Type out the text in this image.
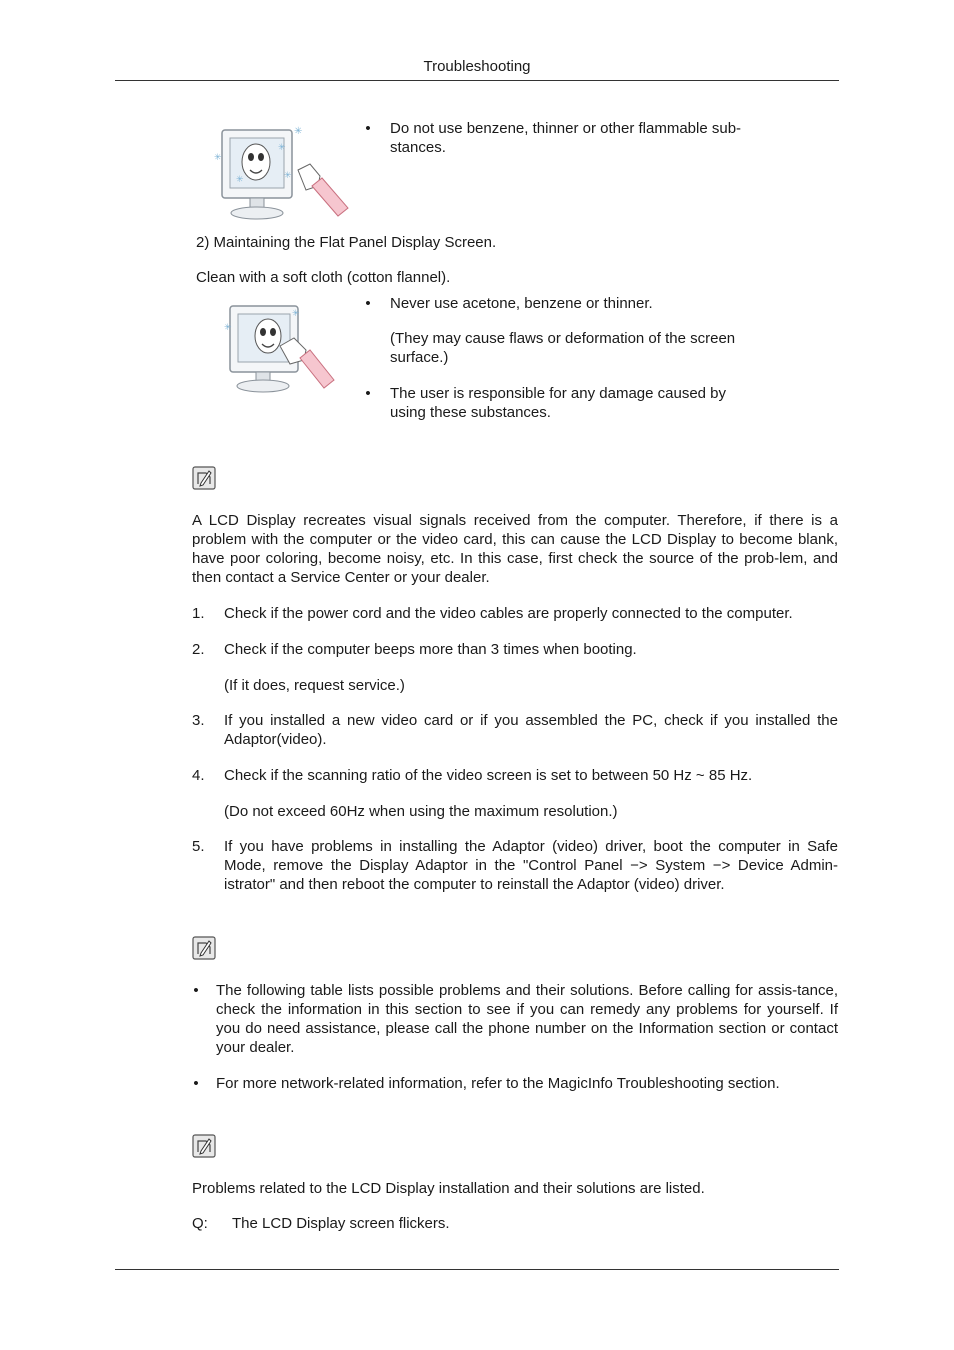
Troubleshooting
✳
✳
✳
✳
✳
• Do not use benzene, thinner or other flammable sub-
stances.
2) Maintaining the Flat Panel Display Screen.
Clean with a soft cloth (cotton flannel).
✳
✳
• Never use acetone, benzene or thinner.
(They may cause flaws or deformation of the screen
surface.)
• The user is responsible for any damage caused by
using these substances.
A LCD Display recreates visual signals received from the computer. Therefore, if there is a problem with the computer or the video card, this can cause the LCD Display to become blank, have poor coloring, become noisy, etc. In this case, first check the source of the prob-lem, and then contact a Service Center or your dealer.
1.	Check if the power cord and the video cables are properly connected to the computer.
2.	Check if the computer beeps more than 3 times when booting.
(If it does, request service.)
3.	If you installed a new video card or if you assembled the PC, check if you installed the Adaptor(video).
4.	Check if the scanning ratio of the video screen is set to between 50 Hz ~ 85 Hz.
(Do not exceed 60Hz when using the maximum resolution.)
5.	If you have problems in installing the Adaptor (video) driver, boot the computer in Safe Mode, remove the Display Adaptor in the "Control Panel −> System −> Device Admin-istrator" and then reboot the computer to reinstall the Adaptor (video) driver.
• The following table lists possible problems and their solutions. Before calling for assis-tance, check the information in this section to see if you can remedy any problems for yourself. If you do need assistance, please call the phone number on the Information section or contact your dealer.
• For more network-related information, refer to the MagicInfo Troubleshooting section.
Problems related to the LCD Display installation and their solutions are listed.
Q: The LCD Display screen flickers.
